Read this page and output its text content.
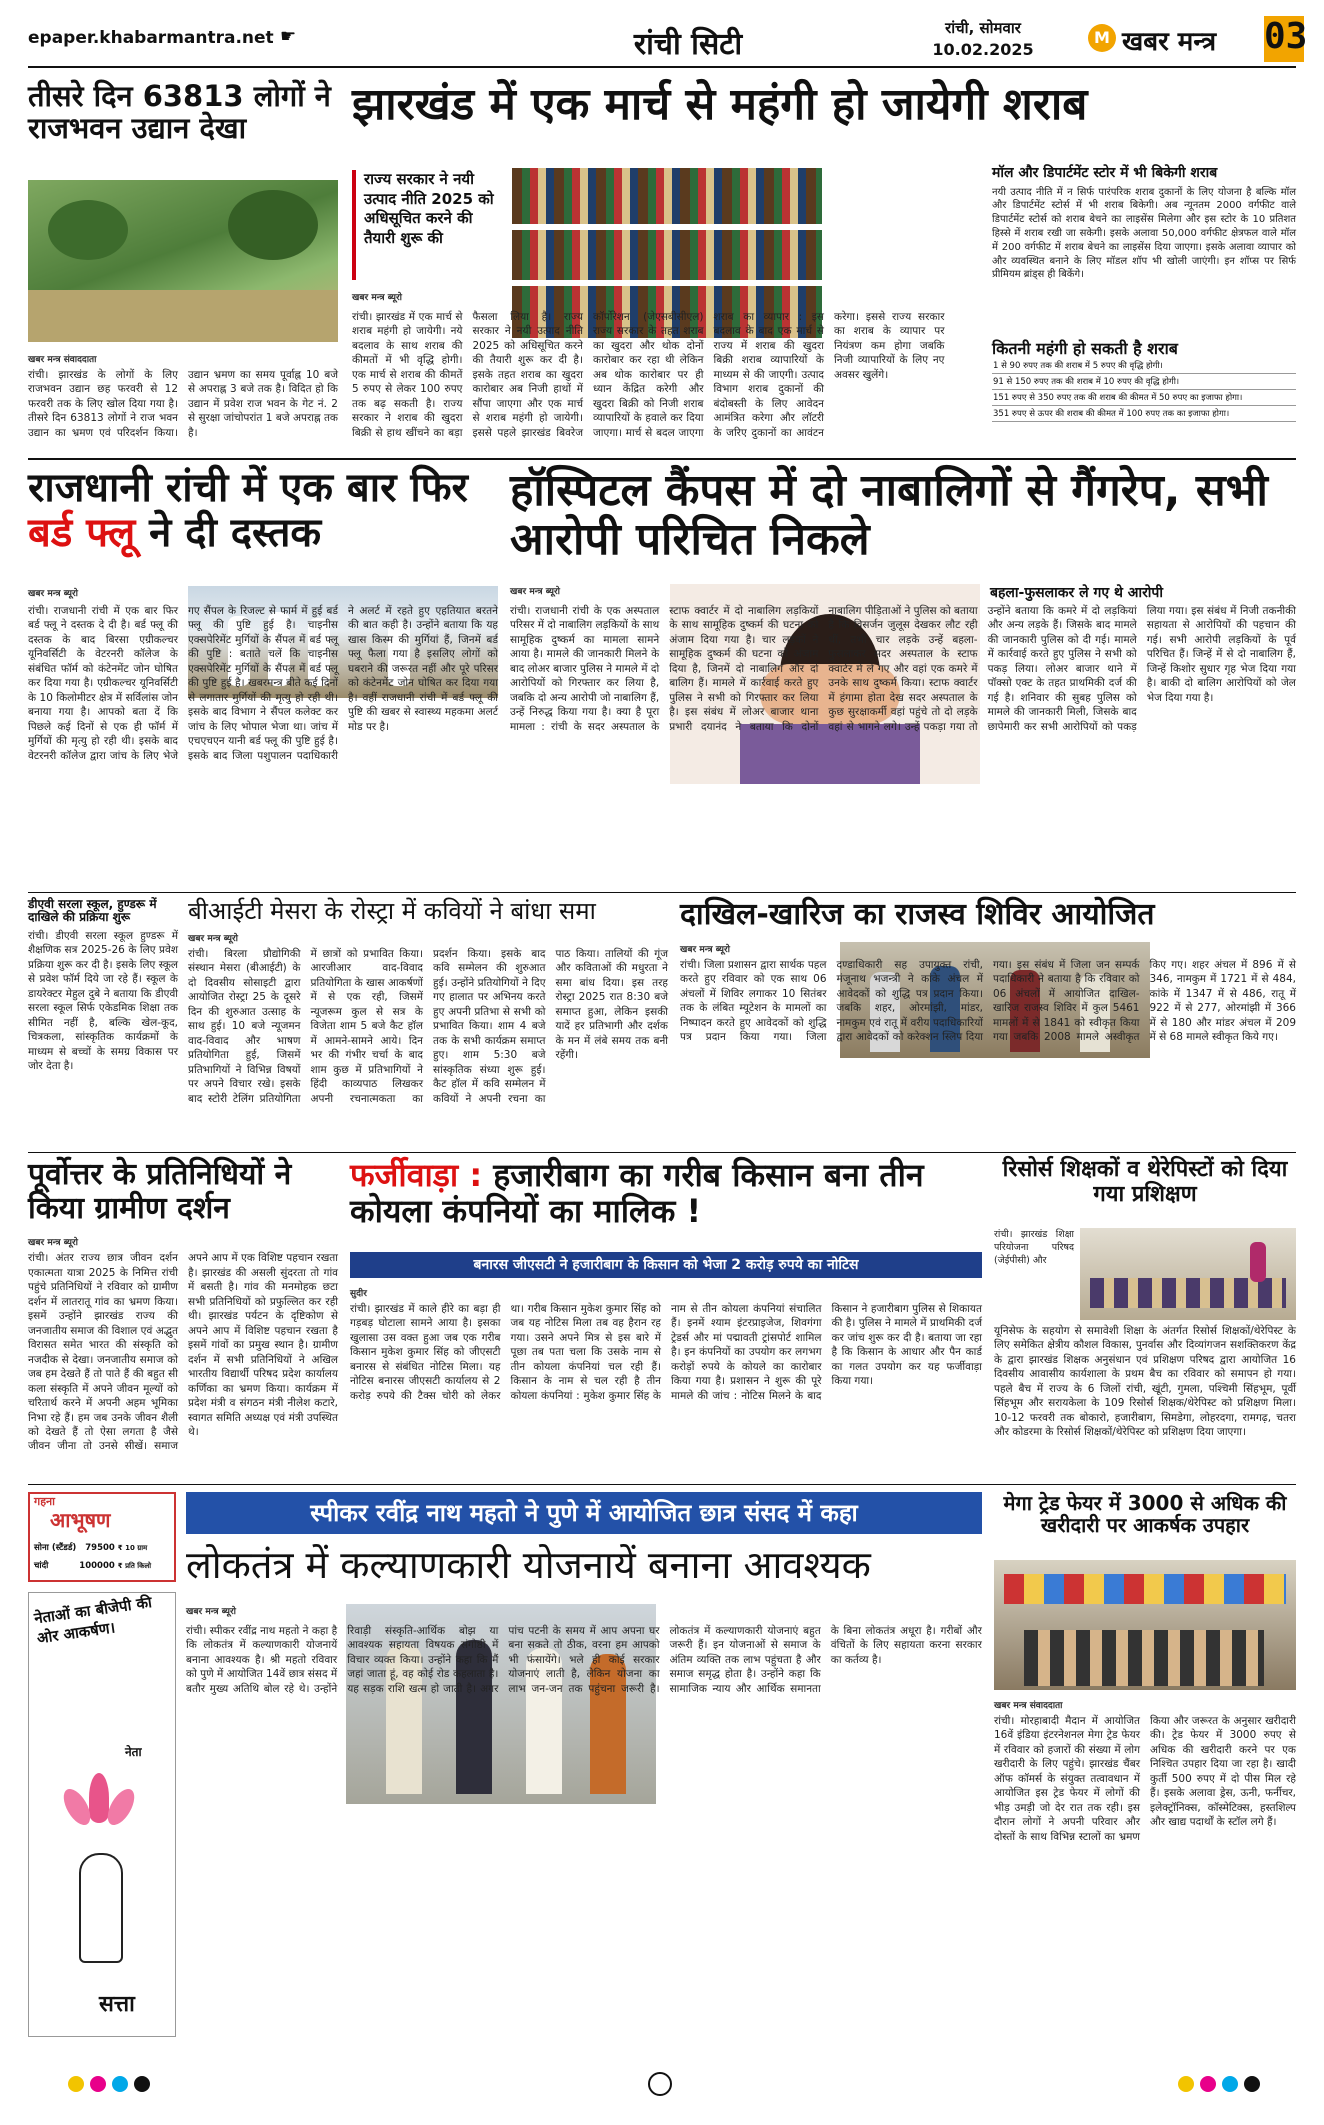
epaper.khabarmantra.net ☛	रांची सिटी	रांची, सोमवार
10.02.2025
M खबर मन्त्र	03
तीसरे दिन 63813 लोगों ने राजभवन उद्यान देखा
खबर मन्त्र संवाददाता
रांची। झारखंड के लोगों के लिए राजभवन उद्यान छह फरवरी से 12 फरवरी तक के लिए खोल दिया गया है। तीसरे दिन 63813 लोगों ने राज भवन उद्यान का भ्रमण एवं परिदर्शन किया। उद्यान भ्रमण का समय पूर्वाह्न 10 बजे से अपराह्न 3 बजे तक है। विदित हो कि उद्यान में प्रवेश राज भवन के गेट नं. 2 से सुरक्षा जांचोपरांत 1 बजे अपराह्न तक है।
झारखंड में एक मार्च से महंगी हो जायेगी शराब
राज्य सरकार ने नयी उत्पाद नीति 2025 को अधिसूचित करने की तैयारी शुरू की
खबर मन्त्र ब्यूरो
रांची। झारखंड में एक मार्च से शराब महंगी हो जायेगी। नये बदलाव के साथ शराब की कीमतों में भी वृद्धि होगी। एक मार्च से शराब की कीमतें 5 रुपए से लेकर 100 रुपए तक बढ़ सकती है। राज्य सरकार ने शराब की खुदरा बिक्री से हाथ खींचने का बड़ा फैसला लिया है। राज्य सरकार ने नयी उत्पाद नीति 2025 को अधिसूचित करने की तैयारी शुरू कर दी है। इसके तहत शराब का खुदरा कारोबार अब निजी हाथों में सौंपा जाएगा और एक मार्च से शराब महंगी हो जायेगी। इससे पहले झारखंड बिवरेज कॉर्पोरेशन (जेएसबीसीएल) राज्य सरकार के तहत शराब का खुदरा और थोक दोनों कारोबार कर रहा थी लेकिन अब थोक कारोबार पर ही ध्यान केंद्रित करेगी और खुदरा बिक्री को निजी शराब व्यापारियों के हवाले कर दिया जाएगा। मार्च से बदल जाएगा शराब का व्यापार : इस बदलाव के बाद एक मार्च से राज्य में शराब की खुदरा बिक्री शराब व्यापारियों के माध्यम से की जाएगी। उत्पाद विभाग शराब दुकानों की बंदोबस्ती के लिए आवेदन आमंत्रित करेगा और लॉटरी के जरिए दुकानों का आवंटन करेगा। इससे राज्य सरकार का शराब के व्यापार पर नियंत्रण कम होगा जबकि निजी व्यापारियों के लिए नए अवसर खुलेंगे।
मॉल और डिपार्टमेंट स्टोर में भी बिकेगी शराब
नयी उत्पाद नीति में न सिर्फ पारंपरिक शराब दुकानों के लिए योजना है बल्कि मॉल और डिपार्टमेंट स्टोर्स में भी शराब बिकेगी। अब न्यूनतम 2000 वर्गफीट वाले डिपार्टमेंट स्टोर्स को शराब बेचने का लाइसेंस मिलेगा और इस स्टोर के 10 प्रतिशत हिस्से में शराब रखी जा सकेगी। इसके अलावा 50,000 वर्गफीट क्षेत्रफल वाले मॉल में 200 वर्गफीट में शराब बेचने का लाइसेंस दिया जाएगा। इसके अलावा व्यापार को और व्यवस्थित बनाने के लिए मॉडल शॉप भी खोली जाएंगी। इन शॉप्स पर सिर्फ प्रीमियम ब्रांड्स ही बिकेंगे।
कितनी महंगी हो सकती है शराब
1 से 90 रुपए तक की शराब में 5 रुपए की वृद्धि होगी।
91 से 150 रुपए तक की शराब में 10 रुपए की वृद्धि होगी।
151 रुपए से 350 रुपए तक की शराब की कीमत में 50 रुपए का इजाफा होगा।
351 रुपए से ऊपर की शराब की कीमत में 100 रुपए तक का इजाफा होगा।
राजधानी रांची में एक बार फिर बर्ड फ्लू ने दी दस्तक
खबर मन्त्र ब्यूरो
रांची। राजधानी रांची में एक बार फिर बर्ड फ्लू ने दस्तक दे दी है। बर्ड फ्लू की दस्तक के बाद बिरसा एग्रीकल्चर यूनिवर्सिटी के वेटरनरी कॉलेज के संबंधित फॉर्म को कंटेनमेंट जोन घोषित कर दिया गया है। एग्रीकल्चर यूनिवर्सिटी के 10 किलोमीटर क्षेत्र में सर्विलांस जोन बनाया गया है। आपको बता दें कि पिछले कई दिनों से एक ही फॉर्म में मुर्गियों की मृत्यु हो रही थी। इसके बाद वेटरनरी कॉलेज द्वारा जांच के लिए भेजे गए सैंपल के रिजल्ट से फार्म में हुई बर्ड फ्लू की पुष्टि हुई है। चाइनीस एक्सपेरिमेंट मुर्गियों के सैंपल में बर्ड फ्लू की पुष्टि : बताते चलें कि चाइनीस एक्सपेरिमेंट मुर्गियों के सैंपल में बर्ड फ्लू की पुष्टि हुई है। खबरमन्त्र बीते कई दिनों से लगातार मुर्गियों की मृत्यु हो रही थी। इसके बाद विभाग ने सैंपल कलेक्ट कर जांच के लिए भोपाल भेजा था। जांच में एचएचएन यानी बर्ड फ्लू की पुष्टि हुई है। इसके बाद जिला पशुपालन पदाधिकारी ने अलर्ट में रहते हुए एहतियात बरतने की बात कही है। उन्होंने बताया कि यह खास किस्म की मुर्गियां हैं, जिनमें बर्ड फ्लू फैला गया है इसलिए लोगों को घबराने की जरूरत नहीं और पूरे परिसर को कंटेनमेंट जोन घोषित कर दिया गया है। वहीं राजधानी रांची में बर्ड फ्लू की पुष्टि की खबर से स्वास्थ्य महकमा अलर्ट मोड पर है।
हॉस्पिटल कैंपस में दो नाबालिगों से गैंगरेप, सभी आरोपी परिचित निकले
खबर मन्त्र ब्यूरो	बहला-फुसलाकर ले गए थे आरोपी
रांची। राजधानी रांची के एक अस्पताल परिसर में दो नाबालिग लड़कियों के साथ सामूहिक दुष्कर्म का मामला सामने आया है। मामले की जानकारी मिलने के बाद लोअर बाजार पुलिस ने मामले में दो आरोपियों को गिरफ्तार कर लिया है, जबकि दो अन्य आरोपी जो नाबालिग हैं, उन्हें निरुद्ध किया गया है। क्या है पूरा मामला : रांची के सदर अस्पताल के स्टाफ क्वार्टर में दो नाबालिग लड़कियों के साथ सामूहिक दुष्कर्म की घटना को अंजाम दिया गया है। चार लड़कों ने सामूहिक दुष्कर्म की घटना को अंजाम दिया है, जिनमें दो नाबालिग और दो बालिग हैं। मामले में कार्रवाई करते हुए पुलिस ने सभी को गिरफ्तार कर लिया है। इस संबंध में लोअर बाजार थाना प्रभारी दयानंद ने बताया कि दोनों नाबालिग पीड़िताओं ने पुलिस को बताया है कि विसर्जन जुलूस देखकर लौट रही थीं, तभी चार लड़के उन्हें बहला-फुसलाकर सदर अस्पताल के स्टाफ क्वार्टर में ले गए और वहां एक कमरे में उनके साथ दुष्कर्म किया। स्टाफ क्वार्टर में हंगामा होता देख सदर अस्पताल के कुछ सुरक्षाकर्मी वहां पहुंचे तो दो लड़के वहां से भागने लगे। उन्हें पकड़ा गया तो उन्होंने बताया कि कमरे में दो लड़कियां और अन्य लड़के हैं। जिसके बाद मामले की जानकारी पुलिस को दी गई। मामले में कार्रवाई करते हुए पुलिस ने सभी को पकड़ लिया। लोअर बाजार थाने में पॉक्सो एक्ट के तहत प्राथमिकी दर्ज की गई है। शनिवार की सुबह पुलिस को मामले की जानकारी मिली, जिसके बाद छापेमारी कर सभी आरोपियों को पकड़ लिया गया। इस संबंध में निजी तकनीकी सहायता से आरोपियों की पहचान की गई। सभी आरोपी लड़कियों के पूर्व परिचित हैं। जिन्हें में से दो नाबालिग हैं, जिन्हें किशोर सुधार गृह भेज दिया गया है। बाकी दो बालिग आरोपियों को जेल भेज दिया गया है।
डीएवी सरला स्कूल, हुण्डरू में दाखिले की प्रक्रिया शुरू
रांची। डीएवी सरला स्कूल हुण्डरू में शैक्षणिक सत्र 2025-26 के लिए प्रवेश प्रक्रिया शुरू कर दी है। इसके लिए स्कूल से प्रवेश फॉर्म दिये जा रहे हैं। स्कूल के डायरेक्टर मेहुल दुबे ने बताया कि डीएवी सरला स्कूल सिर्फ एकेडमिक शिक्षा तक सीमित नहीं है, बल्कि खेल-कूद, चित्रकला, सांस्कृतिक कार्यक्रमों के माध्यम से बच्चों के समग्र विकास पर जोर देता है।
बीआईटी मेसरा के रोस्ट्रा में कवियों ने बांधा समा
खबर मन्त्र ब्यूरो
रांची। बिरला प्रौद्योगिकी संस्थान मेसरा (बीआईटी) के दो दिवसीय सोसाइटी द्वारा आयोजित रोस्ट्रा 25 के दूसरे दिन की शुरुआत उत्साह के साथ हुई। 10 बजे न्यूजमन वाद-विवाद और भाषण प्रतियोगिता हुई, जिसमें प्रतिभागियों ने विभिन्न विषयों पर अपने विचार रखे। इसके बाद स्टोरी टेलिंग प्रतियोगिता में छात्रों को प्रभावित किया। आरजीआर वाद-विवाद प्रतियोगिता के खास आकर्षणों में से एक रही, जिसमें न्यूजरूम कुल से सत्र के विजेता शाम 5 बजे कैट हॉल में आमने-सामने आये। दिन भर की गंभीर चर्चा के बाद शाम कुछ में प्रतिभागियों ने हिंदी काव्यपाठ लिखकर अपनी रचनात्मकता का प्रदर्शन किया। इसके बाद कवि सम्मेलन की शुरुआत हुई। उन्होंने प्रतियोगियों ने दिए गए हालात पर अभिनय करते हुए अपनी प्रतिभा से सभी को प्रभावित किया। शाम 4 बजे तक के सभी कार्यक्रम समाप्त हुए। शाम 5:30 बजे सांस्कृतिक संध्या शुरू हुई। कैट हॉल में कवि सम्मेलन में कवियों ने अपनी रचना का पाठ किया। तालियों की गूंज और कविताओं की मधुरता ने समा बांध दिया। इस तरह रोस्ट्रा 2025 रात 8:30 बजे समाप्त हुआ, लेकिन इसकी यादें हर प्रतिभागी और दर्शक के मन में लंबे समय तक बनी रहेंगी।
दाखिल-खारिज का राजस्व शिविर आयोजित
खबर मन्त्र ब्यूरो
रांची। जिला प्रशासन द्वारा सार्थक पहल करते हुए रविवार को एक साथ 06 अंचलों में शिविर लगाकर 10 सितंबर तक के लंबित म्यूटेशन के मामलों का निष्पादन करते हुए आवेदकों को शुद्धि पत्र प्रदान किया गया। जिला दण्डाधिकारी सह उपायुक्त रांची, मंजूनाथ भजन्त्री ने कांके अंचल में आवेदकों को शुद्धि पत्र प्रदान किया। जबकि शहर, ओरमांझी, मांडर, नामकुम एवं रातू में वरीय पदाधिकारियों द्वारा आवेदकों को करेक्शन स्लिप दिया गया। इस संबंध में जिला जन सम्पर्क पदाधिकारी ने बताया है कि रविवार को 06 अंचलों में आयोजित दाखिल-खारिज राजस्व शिविर में कुल 5461 मामलों में से 1841 को स्वीकृत किया गया जबकि 2008 मामले अस्वीकृत किए गए। शहर अंचल में 896 में से 346, नामकुम में 1721 में से 484, कांके में 1347 में से 486, रातू में 922 में से 277, ओरमांझी में 366 में से 180 और मांडर अंचल में 209 में से 68 मामले स्वीकृत किये गए।
पूर्वोत्तर के प्रतिनिधियों ने किया ग्रामीण दर्शन
खबर मन्त्र ब्यूरो
रांची। अंतर राज्य छात्र जीवन दर्शन एकात्मता यात्रा 2025 के निमित्त रांची पहुंचे प्रतिनिधियों ने रविवार को ग्रामीण दर्शन में लातरातू गांव का भ्रमण किया। इसमें उन्होंने झारखंड राज्य की जनजातीय समाज की विशाल एवं अद्भुत विरासत समेत भारत की संस्कृति को नजदीक से देखा। जनजातीय समाज को जब हम देखते हैं तो पाते हैं की बहुत सी कला संस्कृति में अपने जीवन मूल्यों को चरितार्थ करने में अपनी अहम भूमिका निभा रहे हैं। हम जब उनके जीवन शैली को देखते हैं तो ऐसा लगता है जैसे जीवन जीना तो उनसे सीखें। समाज अपने आप में एक विशिष्ट पहचान रखता है। झारखंड की असली सुंदरता तो गांव में बसती है। गांव की मनमोहक छटा सभी प्रतिनिधियों को प्रफुल्लित कर रही थी। झारखंड पर्यटन के दृष्टिकोण से अपने आप में विशिष्ट पहचान रखता है इसमें गांवों का प्रमुख स्थान है। ग्रामीण दर्शन में सभी प्रतिनिधियों ने अखिल भारतीय विद्यार्थी परिषद प्रदेश कार्यालय कर्णिका का भ्रमण किया। कार्यक्रम में प्रदेश मंत्री व संगठन मंत्री नीलेश कटारे, स्वागत समिति अध्यक्ष एवं मंत्री उपस्थित थे।
फर्जीवाड़ा : हजारीबाग का गरीब किसान बना तीन कोयला कंपनियों का मालिक !
बनारस जीएसटी ने हजारीबाग के किसान को भेजा 2 करोड़ रुपये का नोटिस
सुदीर
रांची। झारखंड में काले हीरे का बड़ा ही गड़बड़ घोटाला सामने आया है। इसका खुलासा उस वक्त हुआ जब एक गरीब किसान मुकेश कुमार सिंह को जीएसटी बनारस से संबंधित नोटिस मिला। यह नोटिस बनारस जीएसटी कार्यालय से 2 करोड़ रुपये की टैक्स चोरी को लेकर था। गरीब किसान मुकेश कुमार सिंह को जब यह नोटिस मिला तब वह हैरान रह गया। उसने अपने मित्र से इस बारे में पूछा तब पता चला कि उसके नाम से तीन कोयला कंपनियां चल रही हैं। किसान के नाम से चल रही है तीन कोयला कंपनियां : मुकेश कुमार सिंह के नाम से तीन कोयला कंपनियां संचालित हैं। इनमें श्याम इंटरप्राइजेज, शिवगंगा ट्रेडर्स और मां पद्मावती ट्रांसपोर्ट शामिल है। इन कंपनियों का उपयोग कर लगभग करोड़ों रुपये के कोयले का कारोबार किया गया है। प्रशासन ने शुरू की पूरे मामले की जांच : नोटिस मिलने के बाद किसान ने हजारीबाग पुलिस से शिकायत की है। पुलिस ने मामले में प्राथमिकी दर्ज कर जांच शुरू कर दी है। बताया जा रहा है कि किसान के आधार और पैन कार्ड का गलत उपयोग कर यह फर्जीवाड़ा किया गया।
रिसोर्स शिक्षकों व थेरेपिस्टों को दिया गया प्रशिक्षण
रांची। झारखंड शिक्षा परियोजना परिषद (जेईपीसी) और
यूनिसेफ के सहयोग से समावेशी शिक्षा के अंतर्गत रिसोर्स शिक्षकों/थेरेपिस्ट के लिए समेकित क्षेत्रीय कौशल विकास, पुनर्वास और दिव्यांगजन सशक्तिकरण केंद्र के द्वारा झारखंड शिक्षक अनुसंधान एवं प्रशिक्षण परिषद द्वारा आयोजित 16 दिवसीय आवासीय कार्यशाला के प्रथम बैच का रविवार को समापन हो गया। पहले बैच में राज्य के 6 जिलों रांची, खूंटी, गुमला, पश्चिमी सिंहभूम, पूर्वी सिंहभूम और सरायकेला के 109 रिसोर्स शिक्षक/थेरेपिस्ट को प्रशिक्षण मिला। 10-12 फरवरी तक बोकारो, हजारीबाग, सिमडेगा, लोहरदगा, रामगढ़, चतरा और कोडरमा के रिसोर्स शिक्षकों/थेरेपिस्ट को प्रशिक्षण दिया जाएगा।
गहना
आभूषण
सोना (स्टैंडर्ड) 79500 ₹ 10 ग्राम
चांदी	100000 ₹ प्रति किलो
नेताओं का बीजेपी की ओर आकर्षण।
नेता
सत्ता
स्पीकर रवींद्र नाथ महतो ने पुणे में आयोजित छात्र संसद में कहा
लोकतंत्र में कल्याणकारी योजनायें बनाना आवश्यक
खबर मन्त्र ब्यूरो
रांची। स्पीकर रवींद्र नाथ महतो ने कहा है कि लोकतंत्र में कल्याणकारी योजनायें बनाना आवश्यक है। श्री महतो रविवार को पुणे में आयोजित 14वें छात्र संसद में बतौर मुख्य अतिथि बोल रहे थे। उन्होंने रिवाड़ी संस्कृति-आर्थिक बोझ या आवश्यक सहायता विषयक संगोष्ठी में विचार व्यक्त किया। उन्होंने कहा कि मैं जहां जाता हूं, वह कोई रोड कहलाता है। यह सड़क राशि खत्म हो जाती है। अगर पांच पटनी के समय में आप अपना घर बना सकते तो ठीक, वरना हम आपको भी फंसायेंगे। भले ही कोई सरकार योजनाएं लाती है, लेकिन योजना का लाभ जन-जन तक पहुंचना जरूरी है। लोकतंत्र में कल्याणकारी योजनाएं बहुत जरूरी हैं। इन योजनाओं से समाज के अंतिम व्यक्ति तक लाभ पहुंचता है और समाज समृद्ध होता है। उन्होंने कहा कि सामाजिक न्याय और आर्थिक समानता के बिना लोकतंत्र अधूरा है। गरीबों और वंचितों के लिए सहायता करना सरकार का कर्तव्य है।
मेगा ट्रेड फेयर में 3000 से अधिक की खरीदारी पर आकर्षक उपहार
खबर मन्त्र संवाददाता
रांची। मोरहाबादी मैदान में आयोजित 16वें इंडिया इंटरनेशनल मेगा ट्रेड फेयर में रविवार को हजारों की संख्या में लोग खरीदारी के लिए पहुंचे। झारखंड चैंबर ऑफ कॉमर्स के संयुक्त तत्वावधान में आयोजित इस ट्रेड फेयर में लोगों की भीड़ उमड़ी जो देर रात तक रही। इस दौरान लोगों ने अपनी परिवार और दोस्तों के साथ विभिन्न स्टालों का भ्रमण किया और जरूरत के अनुसार खरीदारी की। ट्रेड फेयर में 3000 रुपए से अधिक की खरीदारी करने पर एक निश्चित उपहार दिया जा रहा है। खादी कुर्ती 500 रुपए में दो पीस मिल रहे हैं। इसके अलावा ड्रेस, ऊनी, फर्नीचर, इलेक्ट्रॉनिक्स, कॉस्मेटिक्स, हस्तशिल्प और खाद्य पदार्थों के स्टॉल लगे हैं।
